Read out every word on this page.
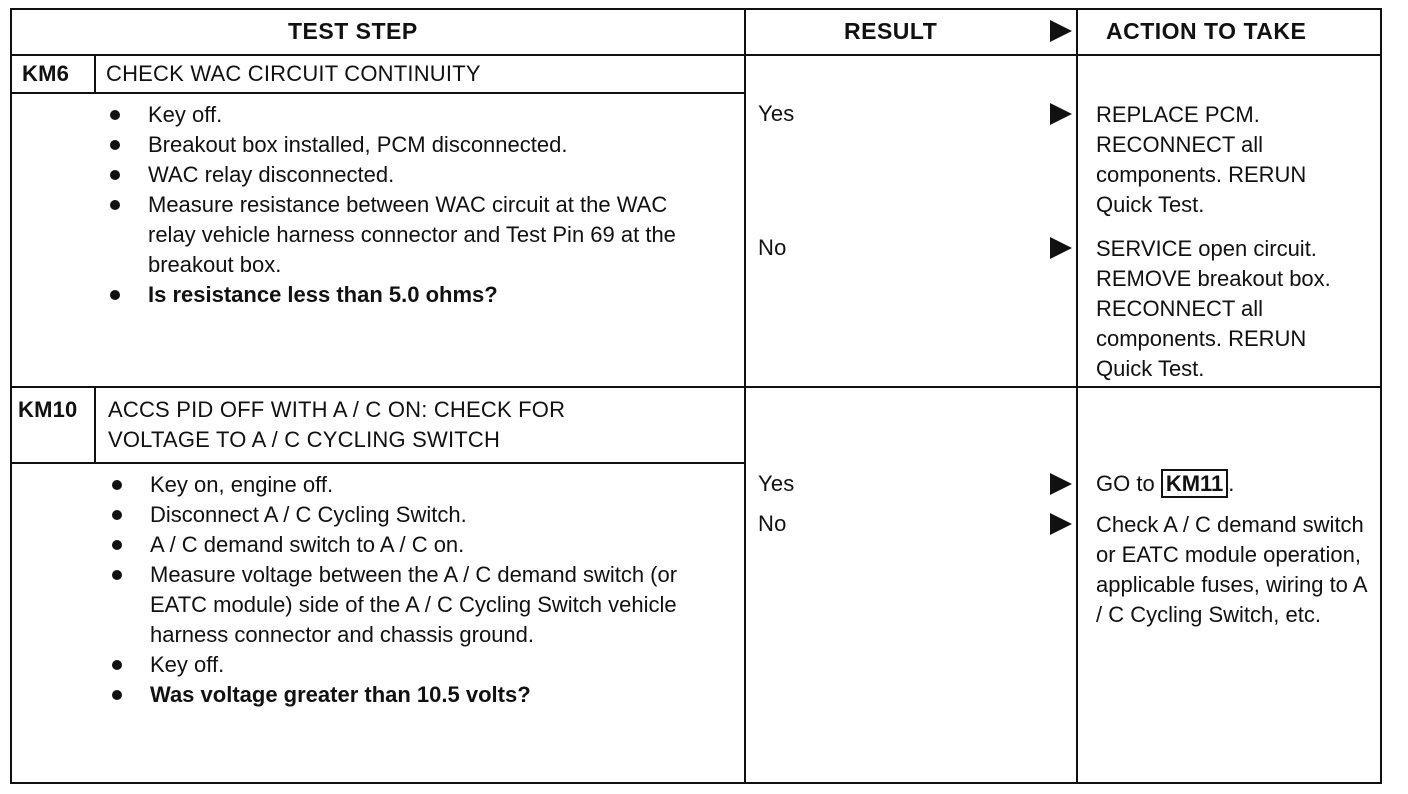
TEST STEP	RESULT	ACTION TO TAKE
KM6 CHECK WAC CIRCUIT CONTINUITY
Key off.
Breakout box installed, PCM disconnected.
WAC relay disconnected.
Measure resistance between WAC circuit at the WAC relay vehicle harness connector and Test Pin 69 at the breakout box.
Is resistance less than 5.0 ohms?
Yes	REPLACE PCM. RECONNECT all components. RERUN Quick Test.
No	SERVICE open circuit. REMOVE breakout box. RECONNECT all components. RERUN Quick Test.
KM10 ACCS PID OFF WITH A / C ON: CHECK FOR
VOLTAGE TO A / C CYCLING SWITCH
Key on, engine off.
Disconnect A / C Cycling Switch.
A / C demand switch to A / C on.
Measure voltage between the A / C demand switch (or EATC module) side of the A / C Cycling Switch vehicle harness connector and chassis ground.
Key off.
Was voltage greater than 10.5 volts?
Yes	GO to KM11 .
No	Check A / C demand switch or EATC module operation, applicable fuses, wiring to A / C Cycling Switch, etc.
